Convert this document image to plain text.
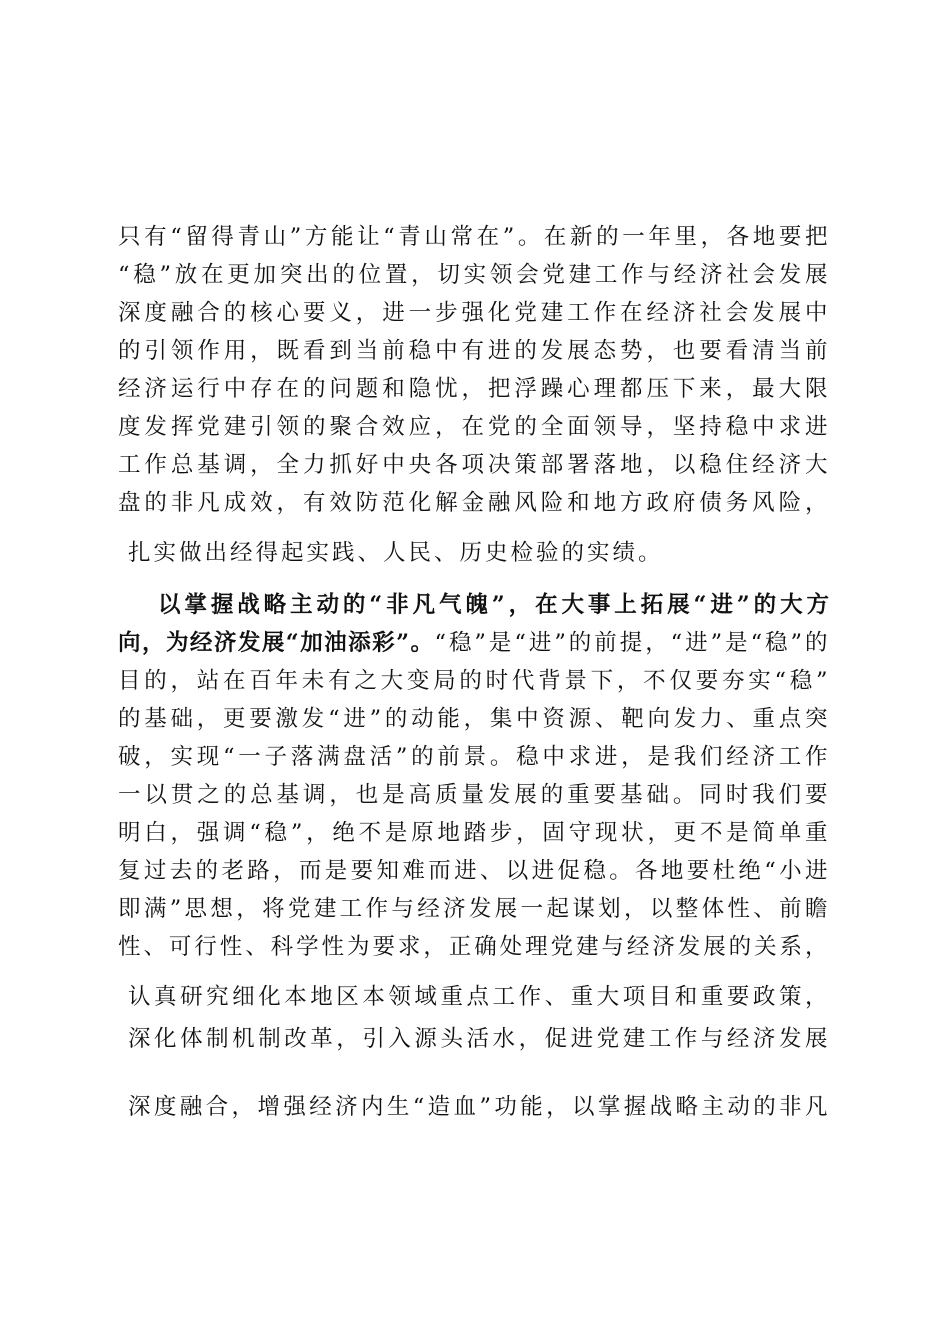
只有“留得青山”方能让“青山常在”。在新的一年里，各地要把
“稳”放在更加突出的位置，切实领会党建工作与经济社会发展
深度融合的核心要义，进一步强化党建工作在经济社会发展中
的引领作用，既看到当前稳中有进的发展态势，也要看清当前
经济运行中存在的问题和隐忧，把浮躁心理都压下来，最大限
度发挥党建引领的聚合效应，在党的全面领导，坚持稳中求进
工作总基调，全力抓好中央各项决策部署落地，以稳住经济大
盘的非凡成效，有效防范化解金融风险和地方政府债务风险，
扎实做出经得起实践、人民、历史检验的实绩。
以掌握战略主动的“非凡气魄”，在大事上拓展“进”的大方
向，为经济发展“加油添彩”。“稳”是“进”的前提，“进”是“稳”的
目的，站在百年未有之大变局的时代背景下，不仅要夯实“稳”
的基础，更要激发“进”的动能，集中资源、靶向发力、重点突
破，实现“一子落满盘活”的前景。稳中求进，是我们经济工作
一以贯之的总基调，也是高质量发展的重要基础。同时我们要
明白，强调“稳”，绝不是原地踏步，固守现状，更不是简单重
复过去的老路，而是要知难而进、以进促稳。各地要杜绝“小进
即满”思想，将党建工作与经济发展一起谋划，以整体性、前瞻
性、可行性、科学性为要求，正确处理党建与经济发展的关系，
认真研究细化本地区本领域重点工作、重大项目和重要政策，
深化体制机制改革，引入源头活水，促进党建工作与经济发展
深度融合，增强经济内生“造血”功能，以掌握战略主动的非凡
